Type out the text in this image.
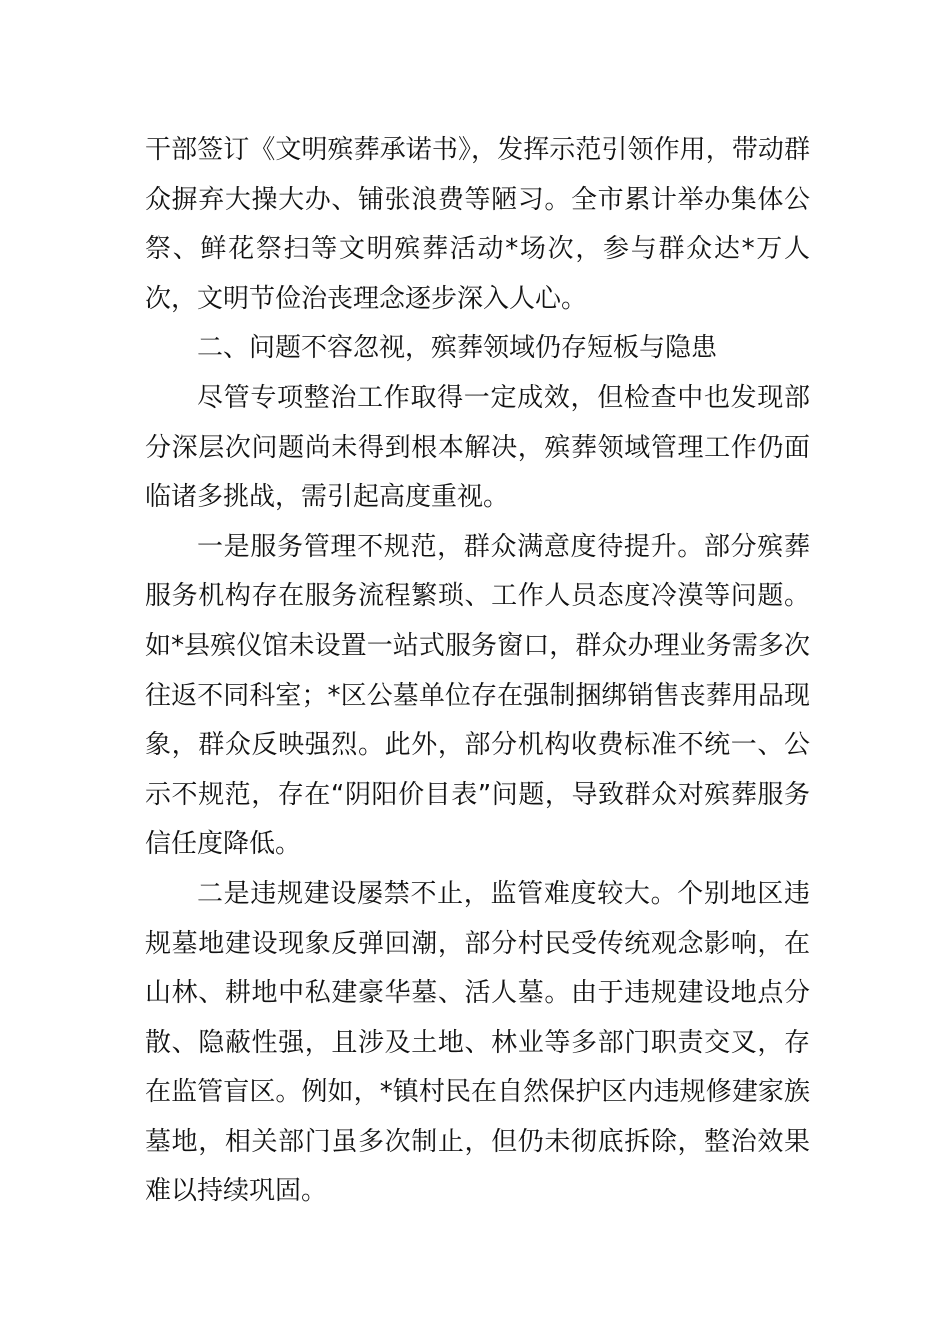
干部签订《文明殡葬承诺书》，发挥示范引领作用，带动群众摒弃大操大办、铺张浪费等陋习。全市累计举办集体公祭、鲜花祭扫等文明殡葬活动*场次，参与群众达*万人次，文明节俭治丧理念逐步深入人心。

二、问题不容忽视，殡葬领域仍存短板与隐患

尽管专项整治工作取得一定成效，但检查中也发现部分深层次问题尚未得到根本解决，殡葬领域管理工作仍面临诸多挑战，需引起高度重视。

一是服务管理不规范，群众满意度待提升。部分殡葬服务机构存在服务流程繁琐、工作人员态度冷漠等问题。如*县殡仪馆未设置一站式服务窗口，群众办理业务需多次往返不同科室；*区公墓单位存在强制捆绑销售丧葬用品现象，群众反映强烈。此外，部分机构收费标准不统一、公示不规范，存在“阴阳价目表”问题，导致群众对殡葬服务信任度降低。

二是违规建设屡禁不止，监管难度较大。个别地区违规墓地建设现象反弹回潮，部分村民受传统观念影响，在山林、耕地中私建豪华墓、活人墓。由于违规建设地点分散、隐蔽性强，且涉及土地、林业等多部门职责交叉，存在监管盲区。例如，*镇村民在自然保护区内违规修建家族墓地，相关部门虽多次制止，但仍未彻底拆除，整治效果难以持续巩固。
